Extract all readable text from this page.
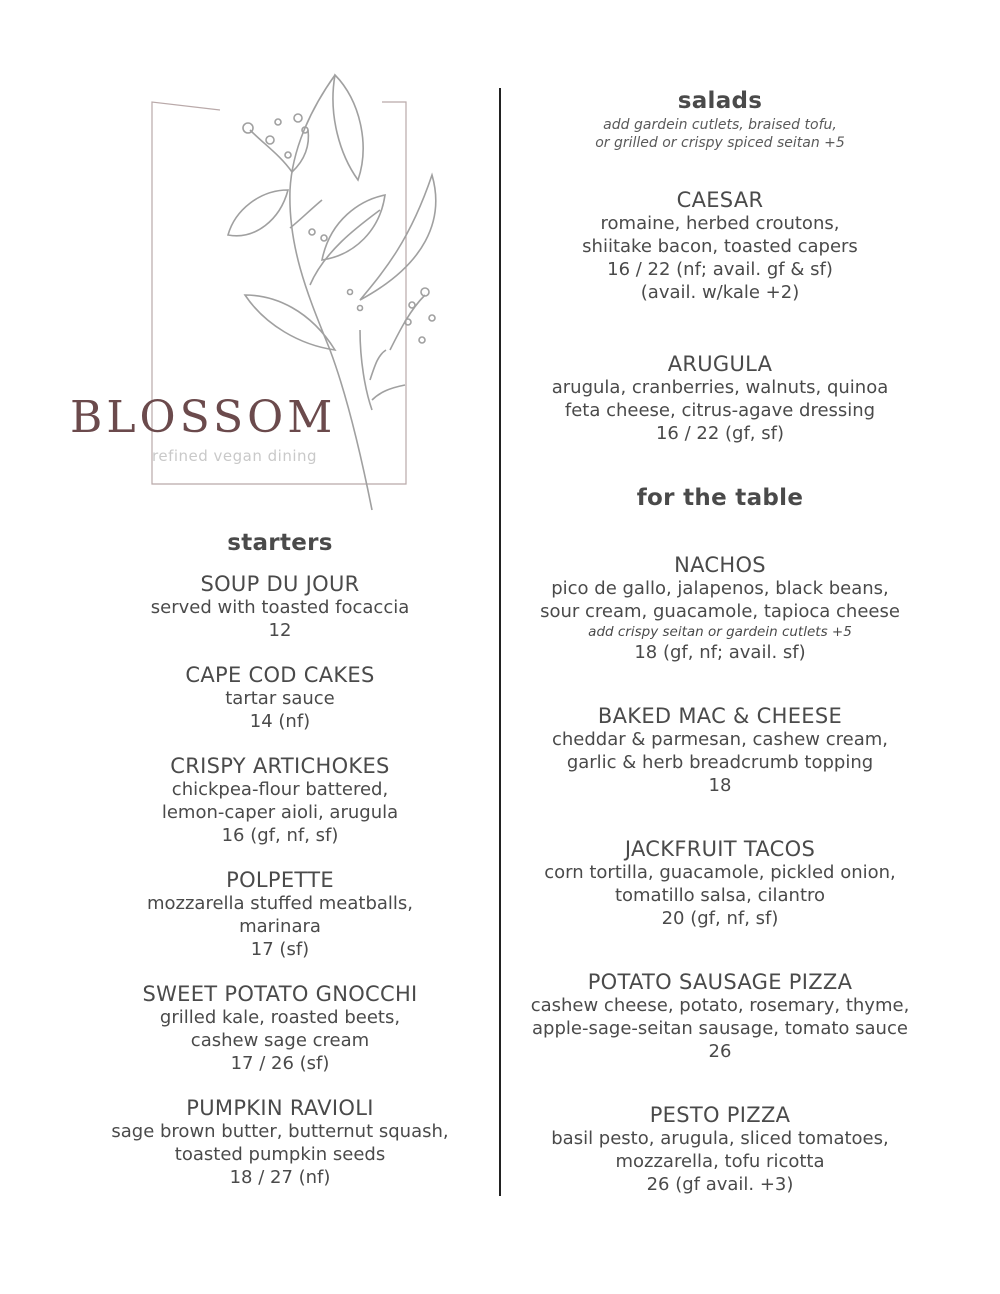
BLOSSOM
refined vegan dining
starters
SOUP DU JOUR
served with toasted focaccia
12
CAPE COD CAKES
tartar sauce
14 (nf)
CRISPY ARTICHOKES
chickpea-flour battered,
lemon-caper aioli, arugula
16 (gf, nf, sf)
POLPETTE
mozzarella stuffed meatballs,
marinara
17 (sf)
SWEET POTATO GNOCCHI
grilled kale, roasted beets,
cashew sage cream
17 / 26 (sf)
PUMPKIN RAVIOLI
sage brown butter, butternut squash,
toasted pumpkin seeds
18 / 27 (nf)
salads
add gardein cutlets, braised tofu,
or grilled or crispy spiced seitan +5
CAESAR
romaine, herbed croutons,
shiitake bacon, toasted capers
16 / 22 (nf; avail. gf & sf)
(avail. w/kale +2)
ARUGULA
arugula, cranberries, walnuts, quinoa
feta cheese, citrus-agave dressing
16 / 22 (gf, sf)
for the table
NACHOS
pico de gallo, jalapenos, black beans,
sour cream, guacamole, tapioca cheese
add crispy seitan or gardein cutlets +5
18 (gf, nf; avail. sf)
BAKED MAC & CHEESE
cheddar & parmesan, cashew cream,
garlic & herb breadcrumb topping
18
JACKFRUIT TACOS
corn tortilla, guacamole, pickled onion,
tomatillo salsa, cilantro
20 (gf, nf, sf)
POTATO SAUSAGE PIZZA
cashew cheese, potato, rosemary, thyme,
apple-sage-seitan sausage, tomato sauce
26
PESTO PIZZA
basil pesto, arugula, sliced tomatoes,
mozzarella, tofu ricotta
26 (gf avail. +3)
